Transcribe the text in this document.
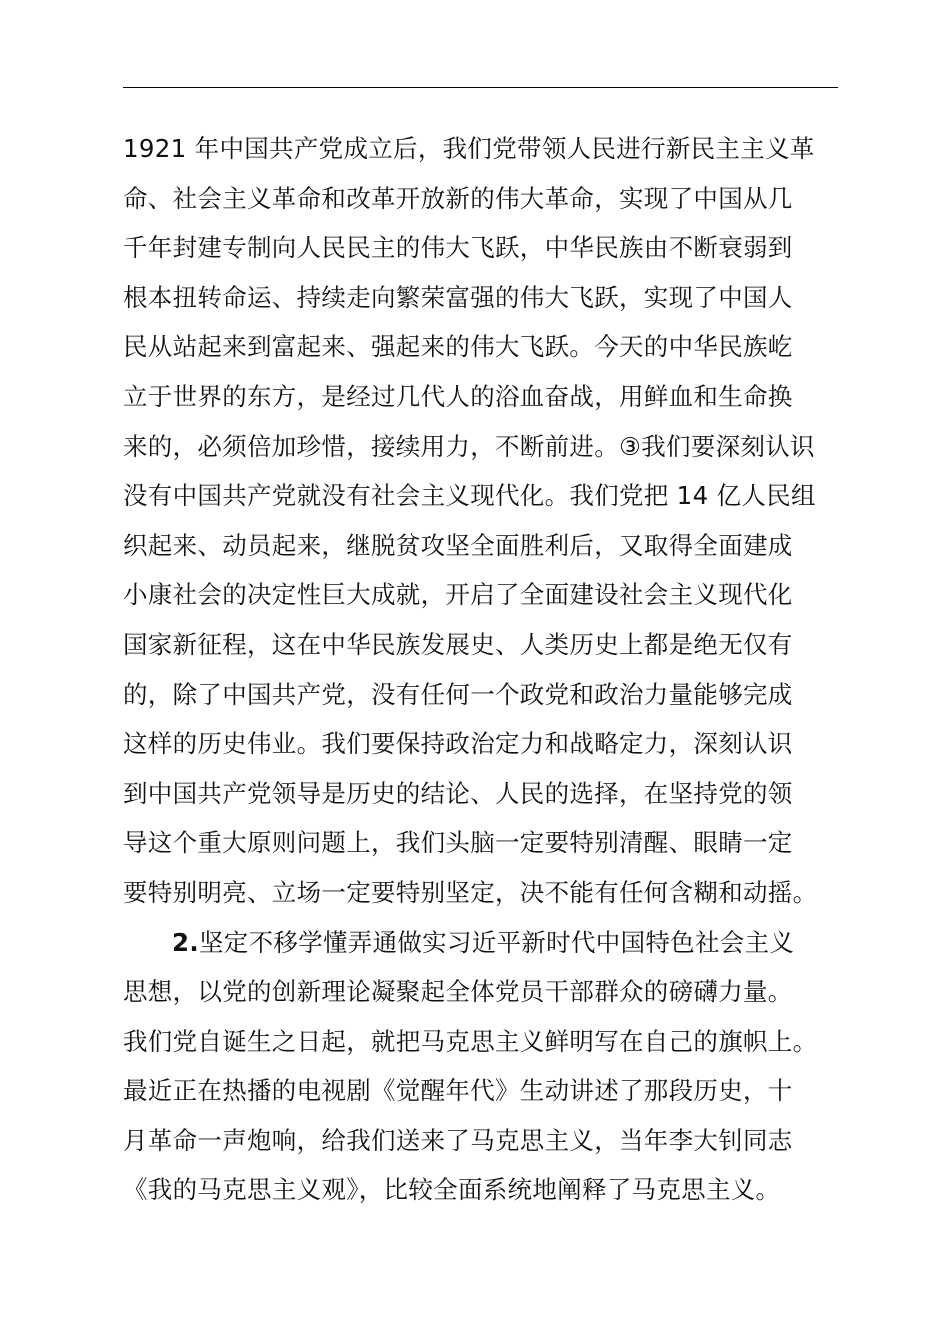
1921 年中国共产党成立后，我们党带领人民进行新民主主义革
命、社会主义革命和改革开放新的伟大革命，实现了中国从几
千年封建专制向人民民主的伟大飞跃，中华民族由不断衰弱到
根本扭转命运、持续走向繁荣富强的伟大飞跃，实现了中国人
民从站起来到富起来、强起来的伟大飞跃。今天的中华民族屹
立于世界的东方，是经过几代人的浴血奋战，用鲜血和生命换
来的，必须倍加珍惜，接续用力，不断前进。③我们要深刻认识
没有中国共产党就没有社会主义现代化。我们党把 14 亿人民组
织起来、动员起来，继脱贫攻坚全面胜利后，又取得全面建成
小康社会的决定性巨大成就，开启了全面建设社会主义现代化
国家新征程，这在中华民族发展史、人类历史上都是绝无仅有
的，除了中国共产党，没有任何一个政党和政治力量能够完成
这样的历史伟业。我们要保持政治定力和战略定力，深刻认识
到中国共产党领导是历史的结论、人民的选择，在坚持党的领
导这个重大原则问题上，我们头脑一定要特别清醒、眼睛一定
要特别明亮、立场一定要特别坚定，决不能有任何含糊和动摇。
2.坚定不移学懂弄通做实习近平新时代中国特色社会主义
思想，以党的创新理论凝聚起全体党员干部群众的磅礴力量。
我们党自诞生之日起，就把马克思主义鲜明写在自己的旗帜上。
最近正在热播的电视剧《觉醒年代》生动讲述了那段历史，十
月革命一声炮响，给我们送来了马克思主义，当年李大钊同志
《我的马克思主义观》，比较全面系统地阐释了马克思主义。
